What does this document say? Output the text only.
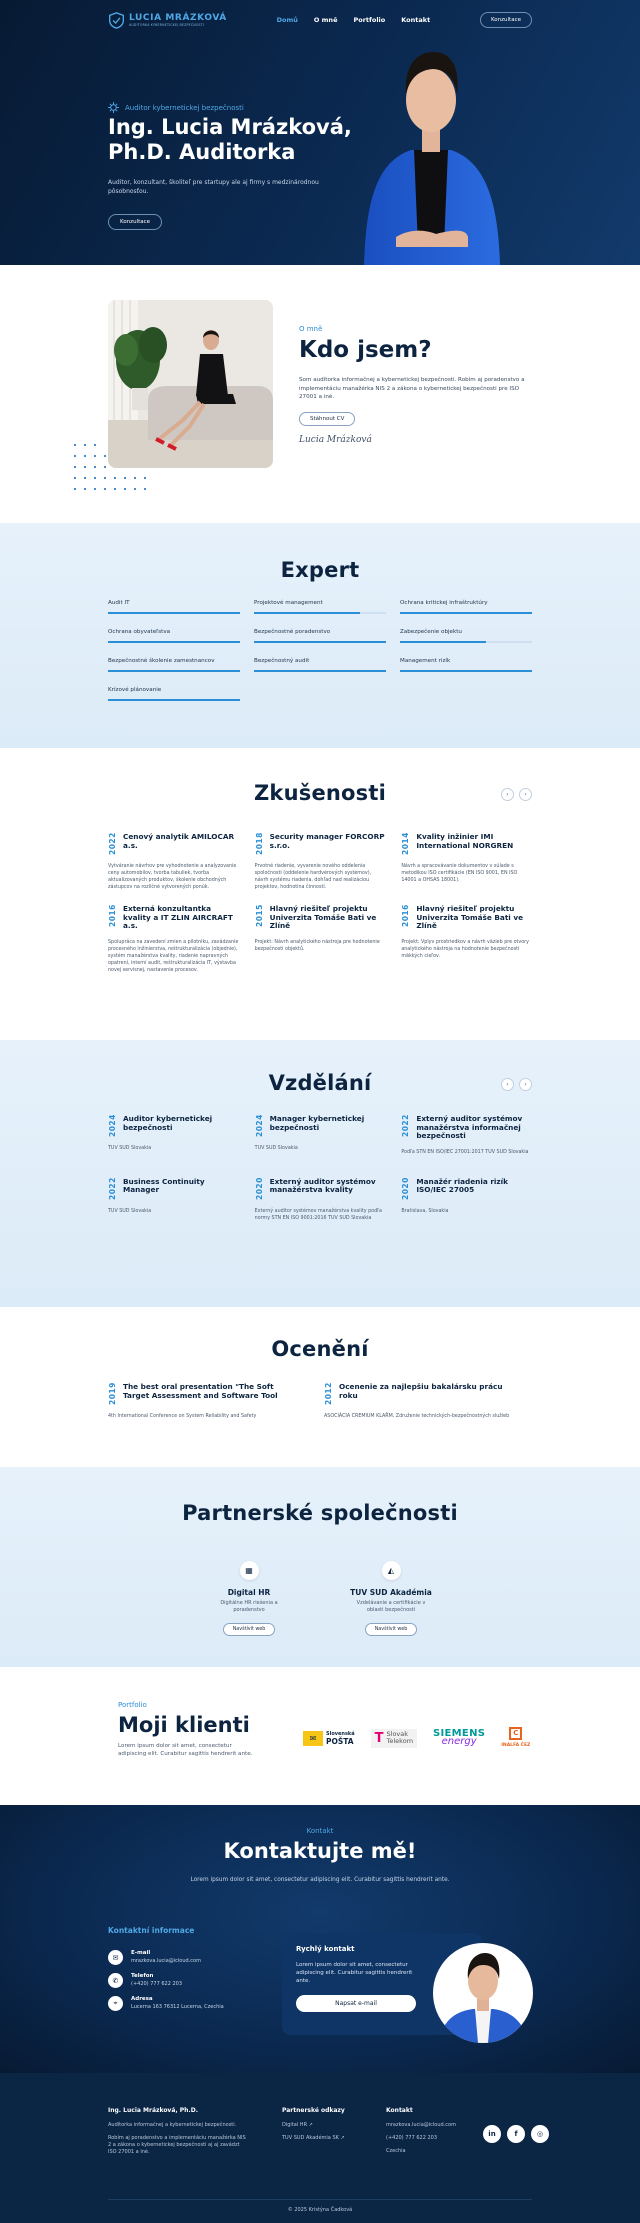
LUCIA MRÁZKOVÁ
AUDITORKA KYBERNETICKEJ BEZPEČNOSTI
Domů O mně Portfolio Kontakt	Konzultace
Auditor kybernetickej bezpečnosti
Ing. Lucia Mrázková,
Ph.D. Auditorka
Auditor, konzultant, školiteľ pre startupy ale aj firmy s medzinárodnou pôsobnosťou.
Konzultace
O mně
Kdo jsem?
Som audítorka informačnej a kybernetickej bezpečnosti. Robím aj poradenstvo a implementáciu manažérka NIS 2 a zákona o kybernetickej bezpečnosti pre ISO 27001 a iné.
Stáhnout CV
Lucia Mrázková
Expert
Audit IT	Projektové management	Ochrana kritickej infraštruktúry
Ochrana obyvateľstva	Bezpečnostné poradenstvo	Zabezpečenie objektu
Bezpečnostné školenie zamestnancov	Bezpečnostný audit	Management rizík
Krízové plánovanie
Zkušenosti	‹	›
2022 Cenový analytik AMILOCAR a.s.
Vytváranie návrhov pre vyhodnotenie a analyzovanie ceny automobilov, tvorba tabuliek, tvorba aktualizovaných produktov, školenie obchodných zástupcov na rozličné vytvorených ponúk.
2018 Security manager FORCORP s.r.o.
Prvotné riadenie, vyvarenie nového oddelenia spoločnosti (oddelenie hardvérových systémov), návrh systému riadenia, dohľad nad realizáciou projektov, hodnotina činností.
2014 Kvality inžinier IMI International NORGREN
Návrh a spracovávanie dokumentov v súlade s metodikou ISO certifikácie (EN ISO 9001, EN ISO 14001 a OHSAS 18001).
2016 Externá konzultantka kvality a IT ZLIN AIRCRAFT a.s.
Spolupráca na zavedení zmien a pilotniku, zavádzanie procesného inžinierstva, reštrukturalizácia (objednie), systém manažérstva kvality, riadenie napravných opatrení, interní audit, reštrukturalizácia IT, výstavba novej servisnej, nastavenie procesov.
2015 Hlavný riešiteľ projektu Univerzita Tomáše Bati ve Zlíně
Projekt: Návrh analytického nástroja pre hodnotenie bezpečnosti objektů.
2016 Hlavný riešiteľ projektu Univerzita Tomáše Bati ve Zlíně
Projekt: Vplyv prostriedkov a návrh väzieb pre otvory analytického nástroja na hodnotenie bezpečnosti mäkkých cieľov.
Vzdělání	‹	›
2024 Auditor kybernetickej bezpečnosti
TUV SUD Slovakia
2024 Manager kybernetickej bezpečnosti
TUV SUD Slovakia
2022 Externý auditor systémov manažérstva informačnej bezpečnosti
Podľa STN EN ISO/IEC 27001:2017 TUV SUD Slovakia
2022 Business Continuity Manager
TUV SUD Slovakia
2020 Externý auditor systémov manažérstva kvality
Externý auditor systémov manažérstva kvality podľa normy STN EN ISO 9001:2016 TUV SUD Slovakia
2020 Manažér riadenia rizík ISO/IEC 27005
Bratislava, Slovakia
Ocenění
2019 The best oral presentation "The Soft Target Assessment and Software Tool
4th International Conference on System Reliability and Safety
2012 Ocenenie za najlepšiu bakalársku prácu roku
ASOCIÁCIA CREMIUM KLAŘM, Združenie technických-bezpečnostných služieb
Partnerské společnosti
▦
Digital HR
Digitálne HR riešenia a poradenstvo
Navštívit web
◭
TUV SUD Akadémia
Vzdelávanie a certifikácie v oblasti bezpečnosti
Navštívit web
Portfolio
Moji klienti
Lorem ipsum dolor sit amet, consectetur adipiscing elit. Curabitur sagittis hendrerit ante.
✉	Slovenská
POŠTA T Slovak
Telekom
SIEMENS
energy
C
INALFA ČEZ
Kontakt
Kontaktujte mě!
Lorem ipsum dolor sit amet, consectetur adipiscing elit. Curabitur sagittis hendrerit ante.
Kontaktní informace
✉
E-mail
mrazkova.lucia@icloud.com
✆
Telefon
(+420) 777 622 203
⌖	Adresa
Lucerna 163 76312 Lucerna, Czechia
Rychlý kontakt
Lorem ipsum dolor sit amet, consectetur adipiscing elit. Curabitur sagittis hendrerit ante.
Napsat e-mail
Ing. Lucia Mrázková, Ph.D.
Audítorka informačnej a kybernetickej bezpečnosti.
Robím aj poradenstvo a implementáciu manažérka NIS 2 a zákona o kybernetickej bezpečnosti aj aj zavádzt ISO 27001 a iné.
Partnerské odkazy
Digital HR ↗
TUV SUD Akadémia SK ↗
Kontakt
mrazkova.lucia@icloud.com
(+420) 777 622 203
Czechia
in	f	◎
© 2025 Kristýna Čadková
